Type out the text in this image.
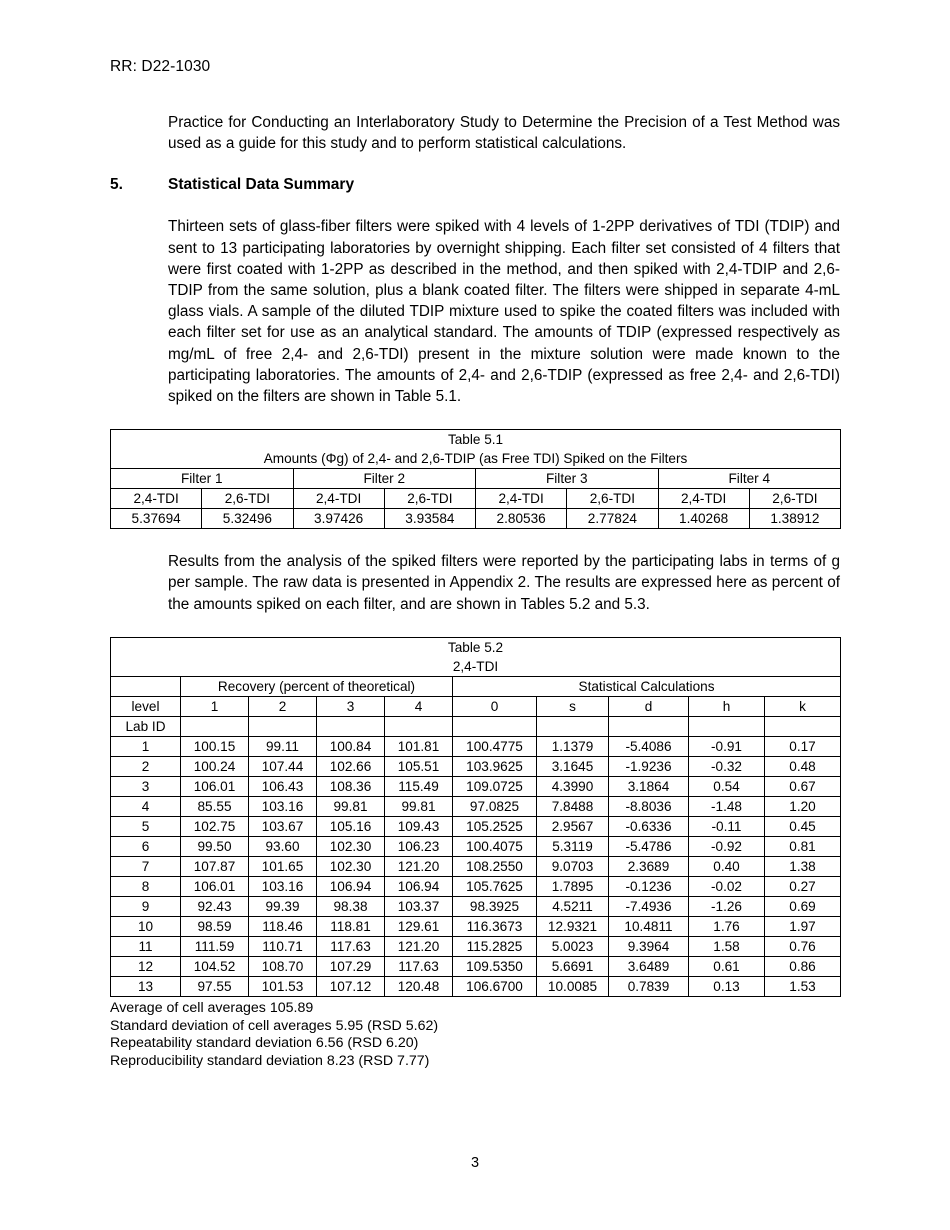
RR: D22-1030

Practice for Conducting an Interlaboratory Study to Determine the Precision of a Test Method was used as a guide for this study and to perform statistical calculations.

5.	Statistical Data Summary

Thirteen sets of glass-fiber filters were spiked with 4 levels of 1-2PP derivatives of TDI (TDIP) and sent to 13 participating laboratories by overnight shipping. Each filter set consisted of 4 filters that were first coated with 1-2PP as described in the method, and then spiked with 2,4-TDIP and 2,6-TDIP from the same solution, plus a blank coated filter. The filters were shipped in separate 4-mL glass vials. A sample of the diluted TDIP mixture used to spike the coated filters was included with each filter set for use as an analytical standard. The amounts of TDIP (expressed respectively as mg/mL of free 2,4- and 2,6-TDI) present in the mixture solution were made known to the participating laboratories. The amounts of 2,4- and 2,6-TDIP (expressed as free 2,4- and 2,6-TDI) spiked on the filters are shown in Table 5.1.

Table 5.1							
Amounts (Φg) of 2,4- and 2,6-TDIP (as Free TDI) Spiked on the Filters							
Filter 1		Filter 2		Filter 3		Filter 4	
2,4-TDI	2,6-TDI	2,4-TDI	2,6-TDI	2,4-TDI	2,6-TDI	2,4-TDI	2,6-TDI
5.37694	5.32496	3.97426	3.93584	2.80536	2.77824	1.40268	1.38912

Results from the analysis of the spiked filters were reported by the participating labs in terms of g per sample. The raw data is presented in Appendix 2. The results are expressed here as percent of the amounts spiked on each filter, and are shown in Tables 5.2 and 5.3.

Table 5.2									
2,4-TDI									
	Recovery (percent of theoretical)				Statistical Calculations				
level	1	2	3	4	0	s	d	h	k
Lab ID									
1	100.15	99.11	100.84	101.81	100.4775	1.1379	-5.4086	-0.91	0.17
2	100.24	107.44	102.66	105.51	103.9625	3.1645	-1.9236	-0.32	0.48
3	106.01	106.43	108.36	115.49	109.0725	4.3990	3.1864	0.54	0.67
4	85.55	103.16	99.81	99.81	97.0825	7.8488	-8.8036	-1.48	1.20
5	102.75	103.67	105.16	109.43	105.2525	2.9567	-0.6336	-0.11	0.45
6	99.50	93.60	102.30	106.23	100.4075	5.3119	-5.4786	-0.92	0.81
7	107.87	101.65	102.30	121.20	108.2550	9.0703	2.3689	0.40	1.38
8	106.01	103.16	106.94	106.94	105.7625	1.7895	-0.1236	-0.02	0.27
9	92.43	99.39	98.38	103.37	98.3925	4.5211	-7.4936	-1.26	0.69
10	98.59	118.46	118.81	129.61	116.3673	12.9321	10.4811	1.76	1.97
11	111.59	110.71	117.63	121.20	115.2825	5.0023	9.3964	1.58	0.76
12	104.52	108.70	107.29	117.63	109.5350	5.6691	3.6489	0.61	0.86
13	97.55	101.53	107.12	120.48	106.6700	10.0085	0.7839	0.13	1.53
Average of cell averages 105.89
Standard deviation of cell averages 5.95 (RSD 5.62)
Repeatability standard deviation 6.56 (RSD 6.20)
Reproducibility standard deviation 8.23 (RSD 7.77)
3
